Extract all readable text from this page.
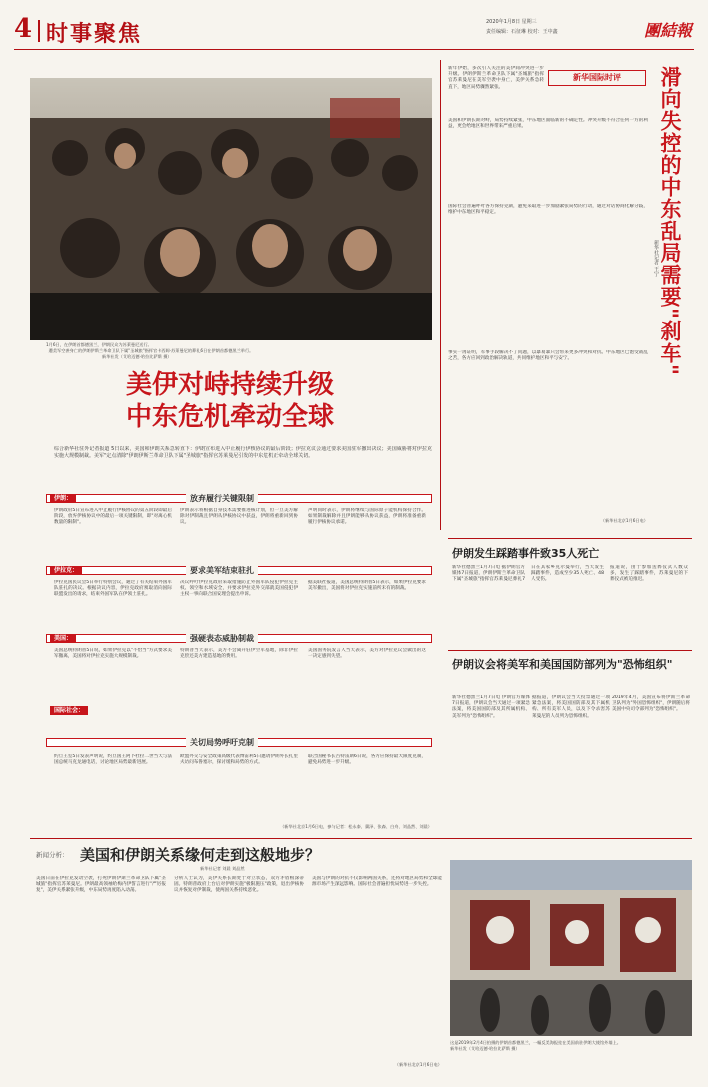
4 时事聚焦	2020年1月8日 星期三
责任编辑：石征琳 校对：王中鑫	團結報
1月6日，在伊朗首都德黑兰，伊朗民众为苏莱曼尼送行。
遭美军空袭身亡的伊朗伊斯兰革命卫队下属"圣城旅"指挥官卡西姆·苏莱曼尼的葬礼6日在伊朗首都德黑兰举行。
新华社发（艾哈迈德·哈拉比萨斯 摄）
美伊对峙持续升级
中东危机牵动全球
综合新华社驻外记者报道 5日以来，美国和伊朗关系急转直下：伊朗宣布进入中止履行伊核协议的最后阶段；伊拉克议会通过要求美国驻军撤出决议；美国威胁将对伊拉克实施大规模制裁。美军"定点清除"伊朗伊斯兰革命卫队下属"圣城旅"指挥官苏莱曼尼引发的中东危机正牵动全球关切。
伊朗：	放弃履行关键限制
伊朗政府5日宣布进入中止履行伊核协议的第五阶段即最后阶段，放弃伊核协议中的最后一项关键限制，即"对离心机数量的限制"。
伊朗表示将根据自身技术需要推进核计划，但一旦美方解除对伊制裁且伊朗从伊核协议中获益，伊朗将重新回到协议。
声明同时表示，伊朗将继续与国际原子能机构保持合作。如果制裁解除并且伊朗能够从协议获益，伊朗将准备重新履行伊核协议承诺。
伊拉克：	要求美军结束驻扎
伊拉克国民议会5日举行特别会议，通过了有关结束外国军队驻扎的决议。根据决议内容，伊拉克政府须取消向国际联盟发出的请求，结束外国军队在伊领土驻扎。
决议呼吁伊拉克政府采取措施防止外国军队侵犯伊拉克主权、领空和水域安全，并要求伊拉克外交部就美国侵犯伊主权一事向联合国安理会提出申诉。
据美联社报道，美国总统特朗普5日表示，如果伊拉克要求美军撤出，美国将对伊拉克实施前所未有的制裁。
美国：	强硬表态威胁制裁
美国总统特朗普5日说，如果伊拉克以"不恰当"方式要求美军撤离，美国将对伊拉克实施大规模制裁。
特朗普当天表示，美方不会离开驻伊空军基地，除非伊拉克偿还美方建造基地的费用。
美国国务院发言人当天表示，美方对伊拉克议会做出的这一决定感到失望。
国际社会：
关切局势呼吁克制
约旦王室5日发表声明说，约旦国王阿卜杜拉二世当天与法国总统马克龙通电话，讨论地区局势最新进展。
欧盟外交与安全政策高级代表博雷利5日邀请伊朗外长扎里夫访问布鲁塞尔，探讨缓和局势的方式。
联合国秘书长古特雷斯6日说，各方应保持最大限度克制，避免局势进一步升级。
（新华社北京1月6日电，参与记者：松永泰、冀泽、张森、白舟、刘品然、刘晨）
新年伊始，多次引人关注的美伊间冲突进一步升级。伊朗伊斯兰革命卫队下属"圣城旅"指挥官苏莱曼尼在美军空袭中身亡，美伊关系急转直下，地区局势骤然紧张。
新华国际时评
美国和伊朗长期对峙，局势持续紧张，中东地区面临新的不确定性。冲突升级不符合任何一方的利益，更会给地区和世界带来严重后果。
国际社会普遍呼吁各方保持克制，避免采取进一步加剧紧张局势的行动，通过对话协商化解分歧，维护中东地区和平稳定。
事实一再证明，军事手段解决不了问题，以暴易暴只会带来更多冲突和对抗。中东地区已饱受战乱之苦，各方应回到政治解决轨道，共同维护地区和平与安宁。
（新华社北京1月6日电）
滑向失控的中东乱局需要"刹车"
新华社记者 王宁
伊朗发生踩踏事件致35人死亡
新华社德黑兰1月7日电 据伊朗官方媒体7日报道，伊朗伊斯兰革命卫队下属"圣城旅"指挥官苏莱曼尼葬礼7日在其家乡克尔曼举行，当天发生踩踏事件，造成至少35人死亡、48人受伤。
报道说，由于参加送葬仪式人数众多，发生了踩踏事件，苏莱曼尼的下葬仪式被迫推迟。
伊朗议会将美军和美国国防部列为"恐怖组织"
新华社德黑兰1月7日电 伊朗官方媒体7日报道，伊朗议会当天通过一项紧急法案，将美国国防部及其所属机构、美军列为"恐怖组织"。
据报道，伊朗议会当天投票通过一项紧急法案，将美国国防部及其下属机构、所有美军人员，以及下令杀害苏莱曼尼的人员列为恐怖组织。
2019年4月，美国宣布将伊斯兰革命卫队列为"外国恐怖组织"，伊朗随后将美国中央司令部列为"恐怖组织"。
新闻分析： 美国和伊朗关系缘何走到这般地步？
新华社记者 刘晨 刘品然
美国日前在伊拉克发动空袭，打死伊朗伊斯兰革命卫队下属"圣城旅"指挥官苏莱曼尼。伊朗最高领袖哈梅内伊誓言进行"严厉报复"，美伊关系紧张升级，中东局势再度陷入动荡。
分析人士认为，美伊关系长期处于对立状态，双方矛盾根深蒂固。特朗普政府上台后对伊朗实施"极限施压"政策，退出伊核协议并恢复对伊制裁，使两国关系持续恶化。
美国与伊朗的对抗不仅影响两国关系，还将对地区局势和全球能源市场产生深远影响。国际社会普遍担忧局势进一步失控。
（新华社北京1月6日电）
这是2019年2月4日拍摄的伊朗首都德黑兰，一幅反美海报挂在美国前驻伊朗大使馆外墙上。
新华社发（艾哈迈德·哈拉比萨斯 摄）
